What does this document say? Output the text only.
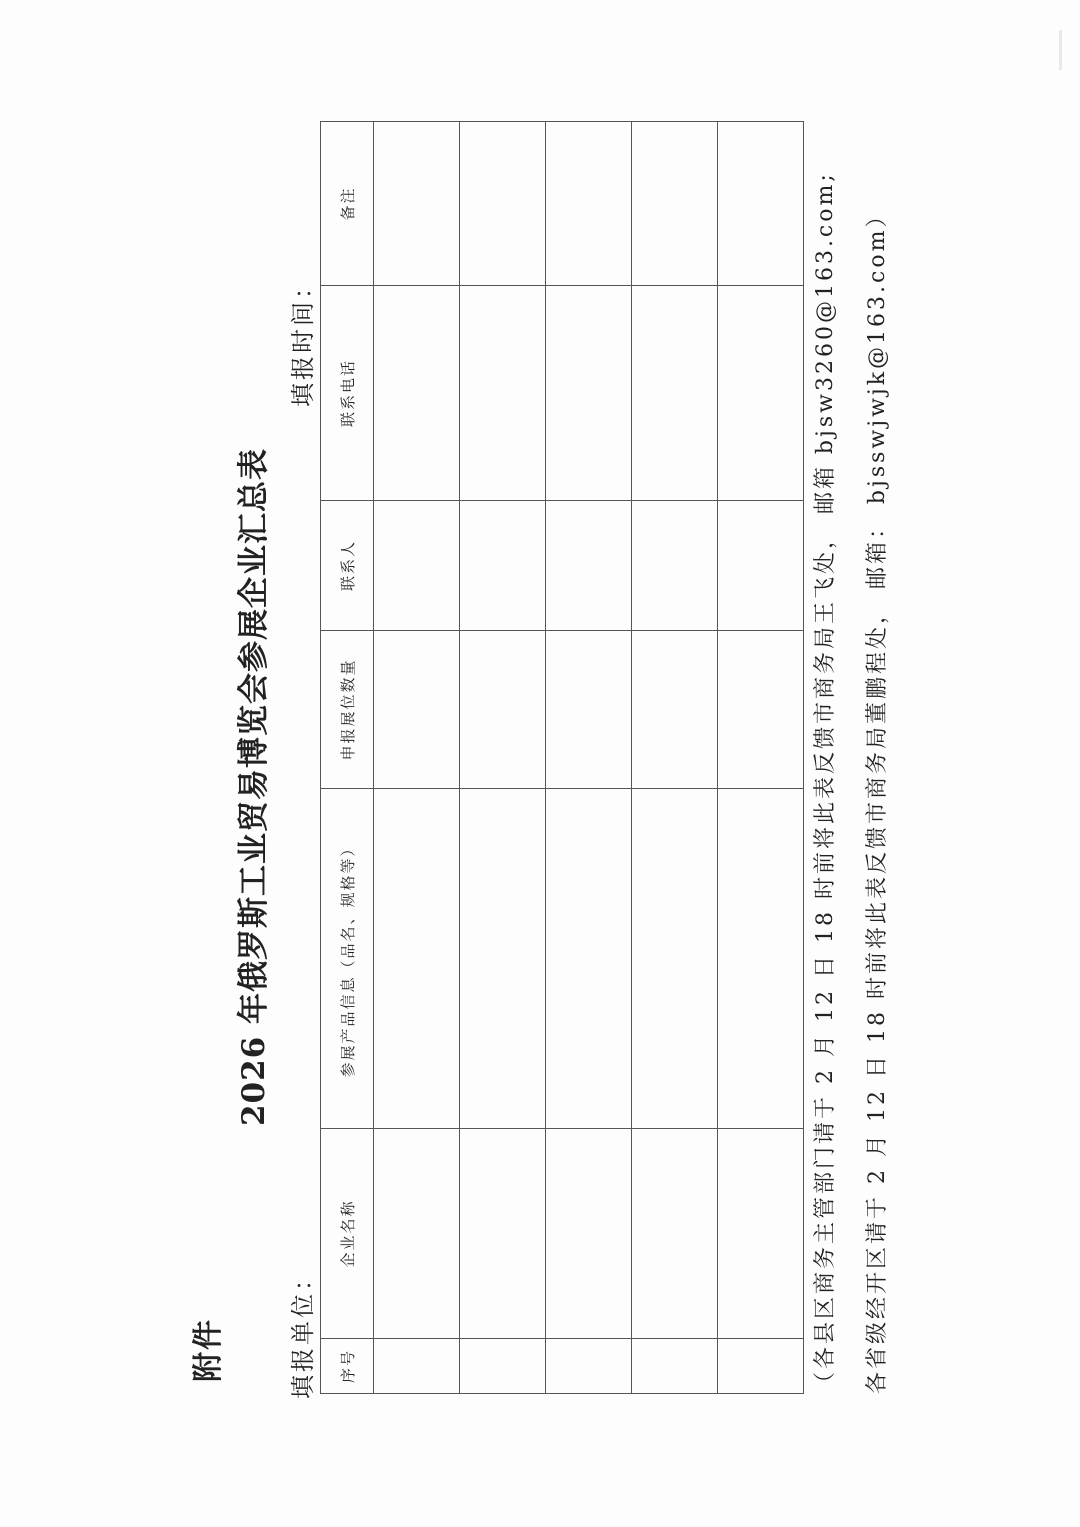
附件
2026 年俄罗斯工业贸易博览会参展企业汇总表
填报单位：
填报时间：
序号	企业名称	参展产品信息（品名、规格等）	申报展位数量	联系人	联系电话	备注

							（各县区商务主管部门请于 2 月 12 日 18 时前将此表反馈市商务局王飞处， 邮箱 bjsw3260@163.com; 各省级经开区请于 2 月 12 日 18 时前将此表反馈市商务局董鹏程处， 邮箱： bjsswjwjk@163.com）
